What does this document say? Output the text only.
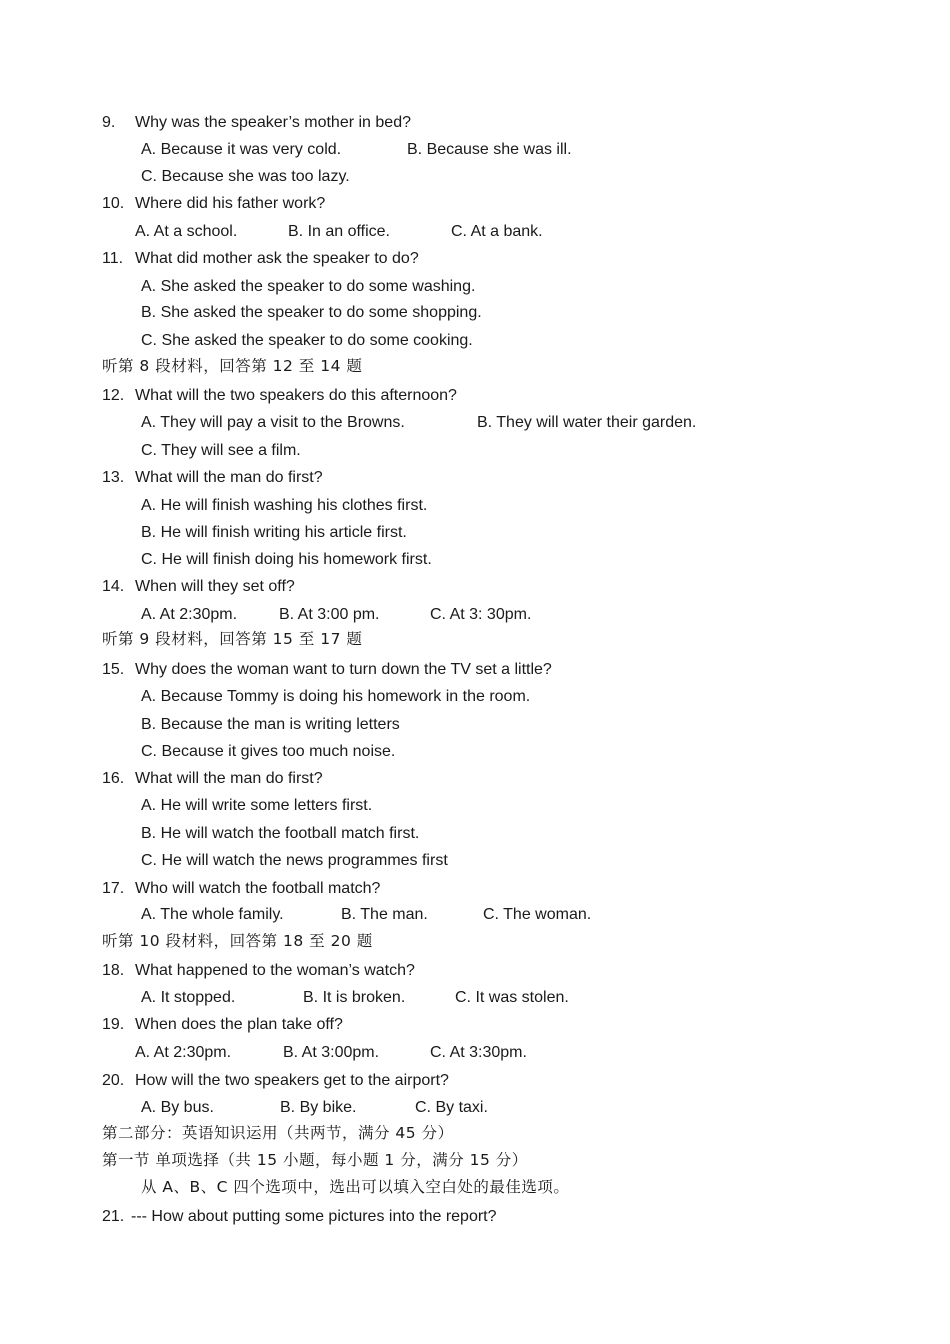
9. Why was the speaker’s mother in bed?
A. Because it was very cold.	B. Because she was ill.
C. Because she was too lazy.
10. Where did his father work?
A. At a school.	B. In an office.	C. At a bank.
11. What did mother ask the speaker to do?
A. She asked the speaker to do some washing.
B. She asked the speaker to do some shopping.
C. She asked the speaker to do some cooking.
听第 8 段材料，回答第 12 至 14 题
12. What will the two speakers do this afternoon?
A. They will pay a visit to the Browns.	B. They will water their garden.
C. They will see a film.
13. What will the man do first?
A. He will finish washing his clothes first.
B. He will finish writing his article first.
C. He will finish doing his homework first.
14. When will they set off?
A. At 2:30pm.	B. At 3:00 pm.	C. At 3: 30pm.
听第 9 段材料，回答第 15 至 17 题
15. Why does the woman want to turn down the TV set a little?
A. Because Tommy is doing his homework in the room.
B. Because the man is writing letters
C. Because it gives too much noise.
16. What will the man do first?
A. He will write some letters first.
B. He will watch the football match first.
C. He will watch the news programmes first
17. Who will watch the football match?
A. The whole family.	B. The man.	C. The woman.
听第 10 段材料，回答第 18 至 20 题
18. What happened to the woman’s watch?
A. It stopped.	B. It is broken.	C. It was stolen.
19. When does the plan take off?
A. At 2:30pm.	B. At 3:00pm.	C. At 3:30pm.
20. How will the two speakers get to the airport?
A. By bus.	B. By bike.	C. By taxi.
第二部分：英语知识运用（共两节，满分 45 分）
第一节 单项选择（共 15 小题，每小题 1 分，满分 15 分）
从 A、B、C 四个选项中，选出可以填入空白处的最佳选项。
21. --- How about putting some pictures into the report?
